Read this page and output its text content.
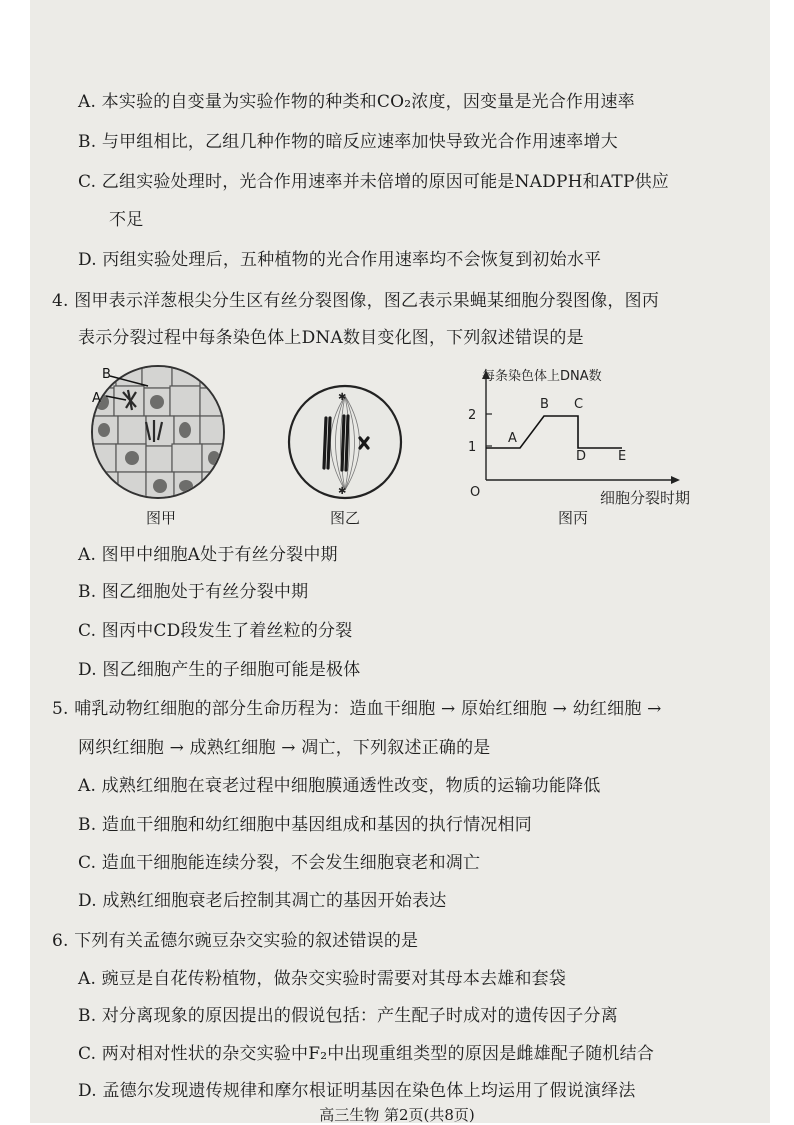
A. 本实验的自变量为实验作物的种类和CO₂浓度，因变量是光合作用速率
B. 与甲组相比，乙组几种作物的暗反应速率加快导致光合作用速率增大
C. 乙组实验处理时，光合作用速率并未倍增的原因可能是NADPH和ATP供应
不足
D. 丙组实验处理后，五种植物的光合作用速率均不会恢复到初始水平
4. 图甲表示洋葱根尖分生区有丝分裂图像，图乙表示果蝇某细胞分裂图像，图丙
表示分裂过程中每条染色体上DNA数目变化图，下列叙述错误的是
B
A
图甲
✱
✱
图乙
每条染色体上DNA数
O
2
1
A
B C
D E
细胞分裂时期
图丙
A. 图甲中细胞A处于有丝分裂中期
B. 图乙细胞处于有丝分裂中期
C. 图丙中CD段发生了着丝粒的分裂
D. 图乙细胞产生的子细胞可能是极体
5. 哺乳动物红细胞的部分生命历程为：造血干细胞 → 原始红细胞 → 幼红细胞 →
网织红细胞 → 成熟红细胞 → 凋亡，下列叙述正确的是
A. 成熟红细胞在衰老过程中细胞膜通透性改变，物质的运输功能降低
B. 造血干细胞和幼红细胞中基因组成和基因的执行情况相同
C. 造血干细胞能连续分裂，不会发生细胞衰老和凋亡
D. 成熟红细胞衰老后控制其凋亡的基因开始表达
6. 下列有关孟德尔豌豆杂交实验的叙述错误的是
A. 豌豆是自花传粉植物，做杂交实验时需要对其母本去雄和套袋
B. 对分离现象的原因提出的假说包括：产生配子时成对的遗传因子分离
C. 两对相对性状的杂交实验中F₂中出现重组类型的原因是雌雄配子随机结合
D. 孟德尔发现遗传规律和摩尔根证明基因在染色体上均运用了假说演绎法
高三生物 第2页(共8页)
